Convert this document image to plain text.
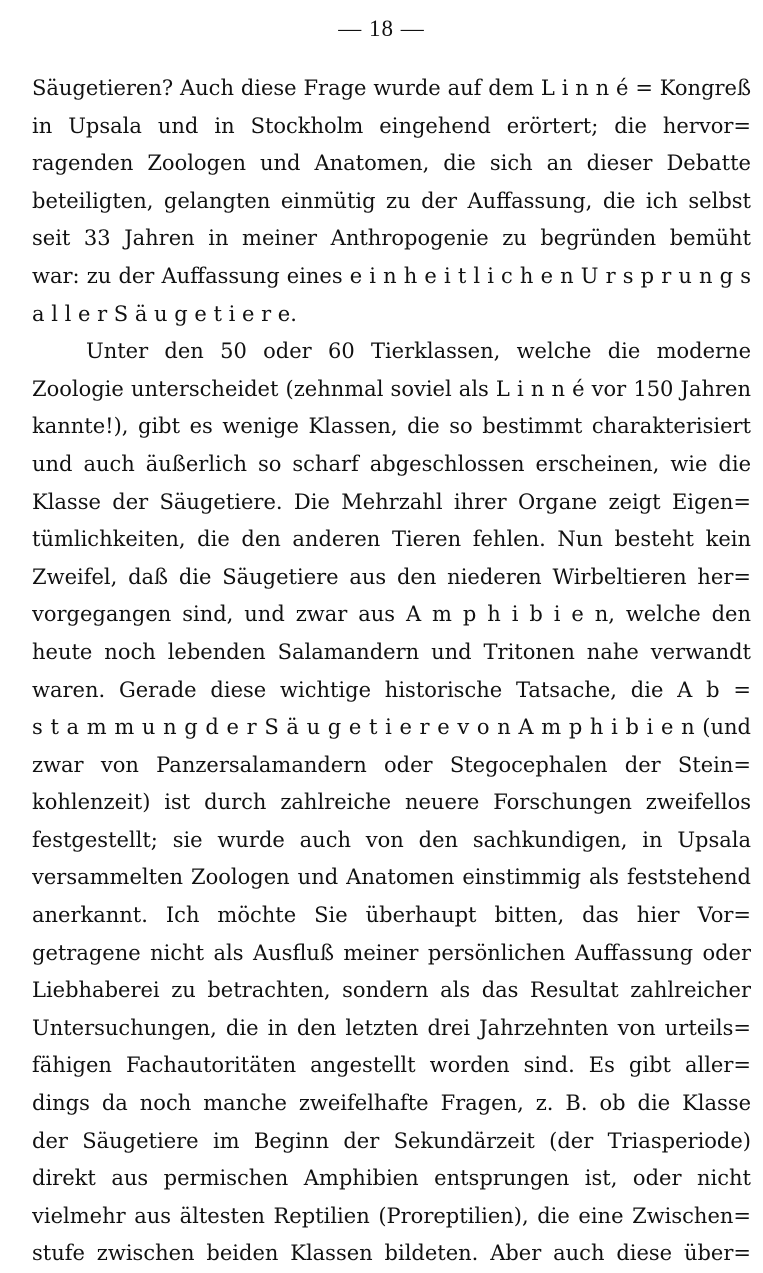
— 18 —
Säugetieren? Auch diese Frage wurde auf dem L i n n é = Kongreß
in Upsala und in Stockholm eingehend erörtert; die hervor=
ragenden Zoologen und Anatomen, die sich an dieser Debatte
beteiligten, gelangten einmütig zu der Auffassung, die ich selbst
seit 33 Jahren in meiner Anthropogenie zu begründen bemüht
war: zu der Auffassung eines e i n h e i t l i c h e n U r s p r u n g s
a l l e r S ä u g e t i e r e.
Unter den 50 oder 60 Tierklassen, welche die moderne
Zoologie unterscheidet (zehnmal soviel als L i n n é vor 150 Jahren
kannte!), gibt es wenige Klassen, die so bestimmt charakterisiert
und auch äußerlich so scharf abgeschlossen erscheinen, wie die
Klasse der Säugetiere. Die Mehrzahl ihrer Organe zeigt Eigen=
tümlichkeiten, die den anderen Tieren fehlen. Nun besteht kein
Zweifel, daß die Säugetiere aus den niederen Wirbeltieren her=
vorgegangen sind, und zwar aus A m p h i b i e n, welche den
heute noch lebenden Salamandern und Tritonen nahe verwandt
waren. Gerade diese wichtige historische Tatsache, die A b =
s t a m m u n g d e r S ä u g e t i e r e v o n A m p h i b i e n (und
zwar von Panzersalamandern oder Stegocephalen der Stein=
kohlenzeit) ist durch zahlreiche neuere Forschungen zweifellos
festgestellt; sie wurde auch von den sachkundigen, in Upsala
versammelten Zoologen und Anatomen einstimmig als feststehend
anerkannt. Ich möchte Sie überhaupt bitten, das hier Vor=
getragene nicht als Ausfluß meiner persönlichen Auffassung oder
Liebhaberei zu betrachten, sondern als das Resultat zahlreicher
Untersuchungen, die in den letzten drei Jahrzehnten von urteils=
fähigen Fachautoritäten angestellt worden sind. Es gibt aller=
dings da noch manche zweifelhafte Fragen, z. B. ob die Klasse
der Säugetiere im Beginn der Sekundärzeit (der Triasperiode)
direkt aus permischen Amphibien entsprungen ist, oder nicht
vielmehr aus ältesten Reptilien (Proreptilien), die eine Zwischen=
stufe zwischen beiden Klassen bildeten. Aber auch diese über=
